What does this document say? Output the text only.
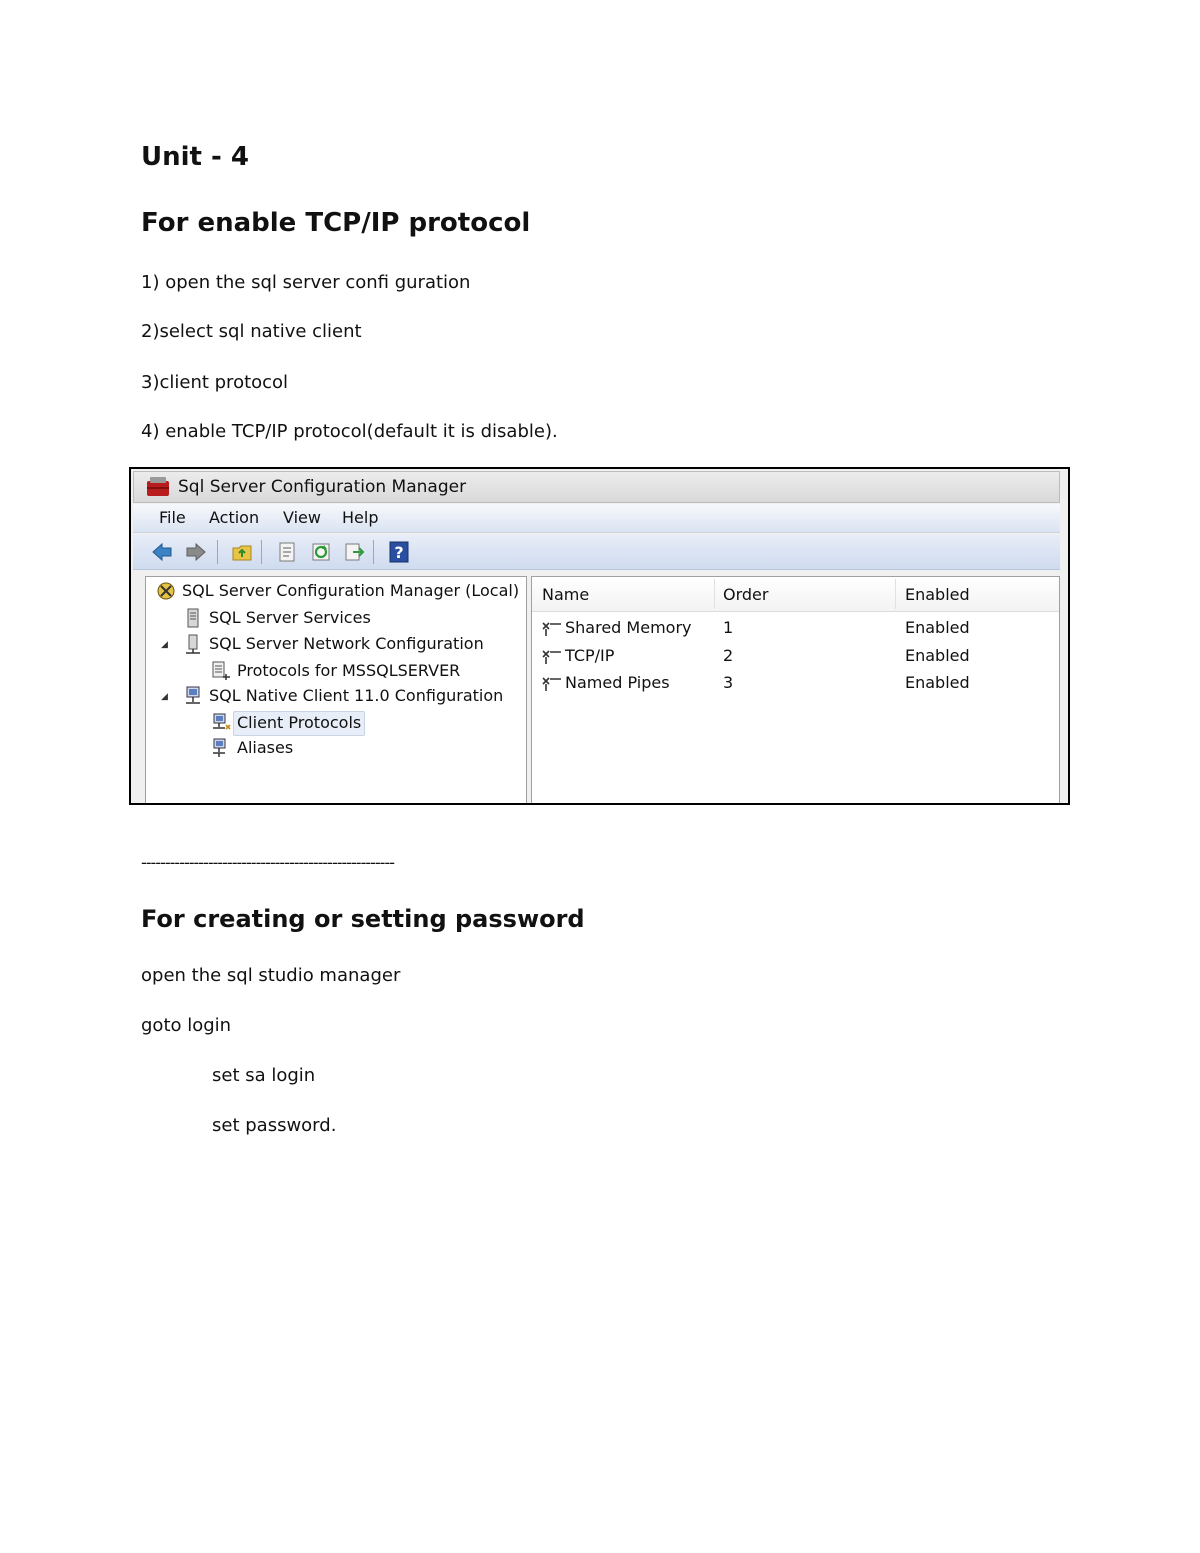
Unit - 4
For enable TCP/IP protocol
1) open the sql server confi guration
2)select sql native client
3)client protocol
4) enable TCP/IP protocol(default it is disable).
Sql Server Configuration Manager
File Action View Help
?
SQL Server Configuration Manager (Local)
SQL Server Services
◢	SQL Server Network Configuration
Protocols for MSSQLSERVER
◢	SQL Native Client 11.0 Configuration
Client Protocols
Aliases
Name	Order	Enabled
Shared Memory 1	Enabled
TCP/IP	2	Enabled
Named Pipes	3	Enabled
-----------------------------------------------------
For creating or setting password
open the sql studio manager
goto login
set sa login
set password.
